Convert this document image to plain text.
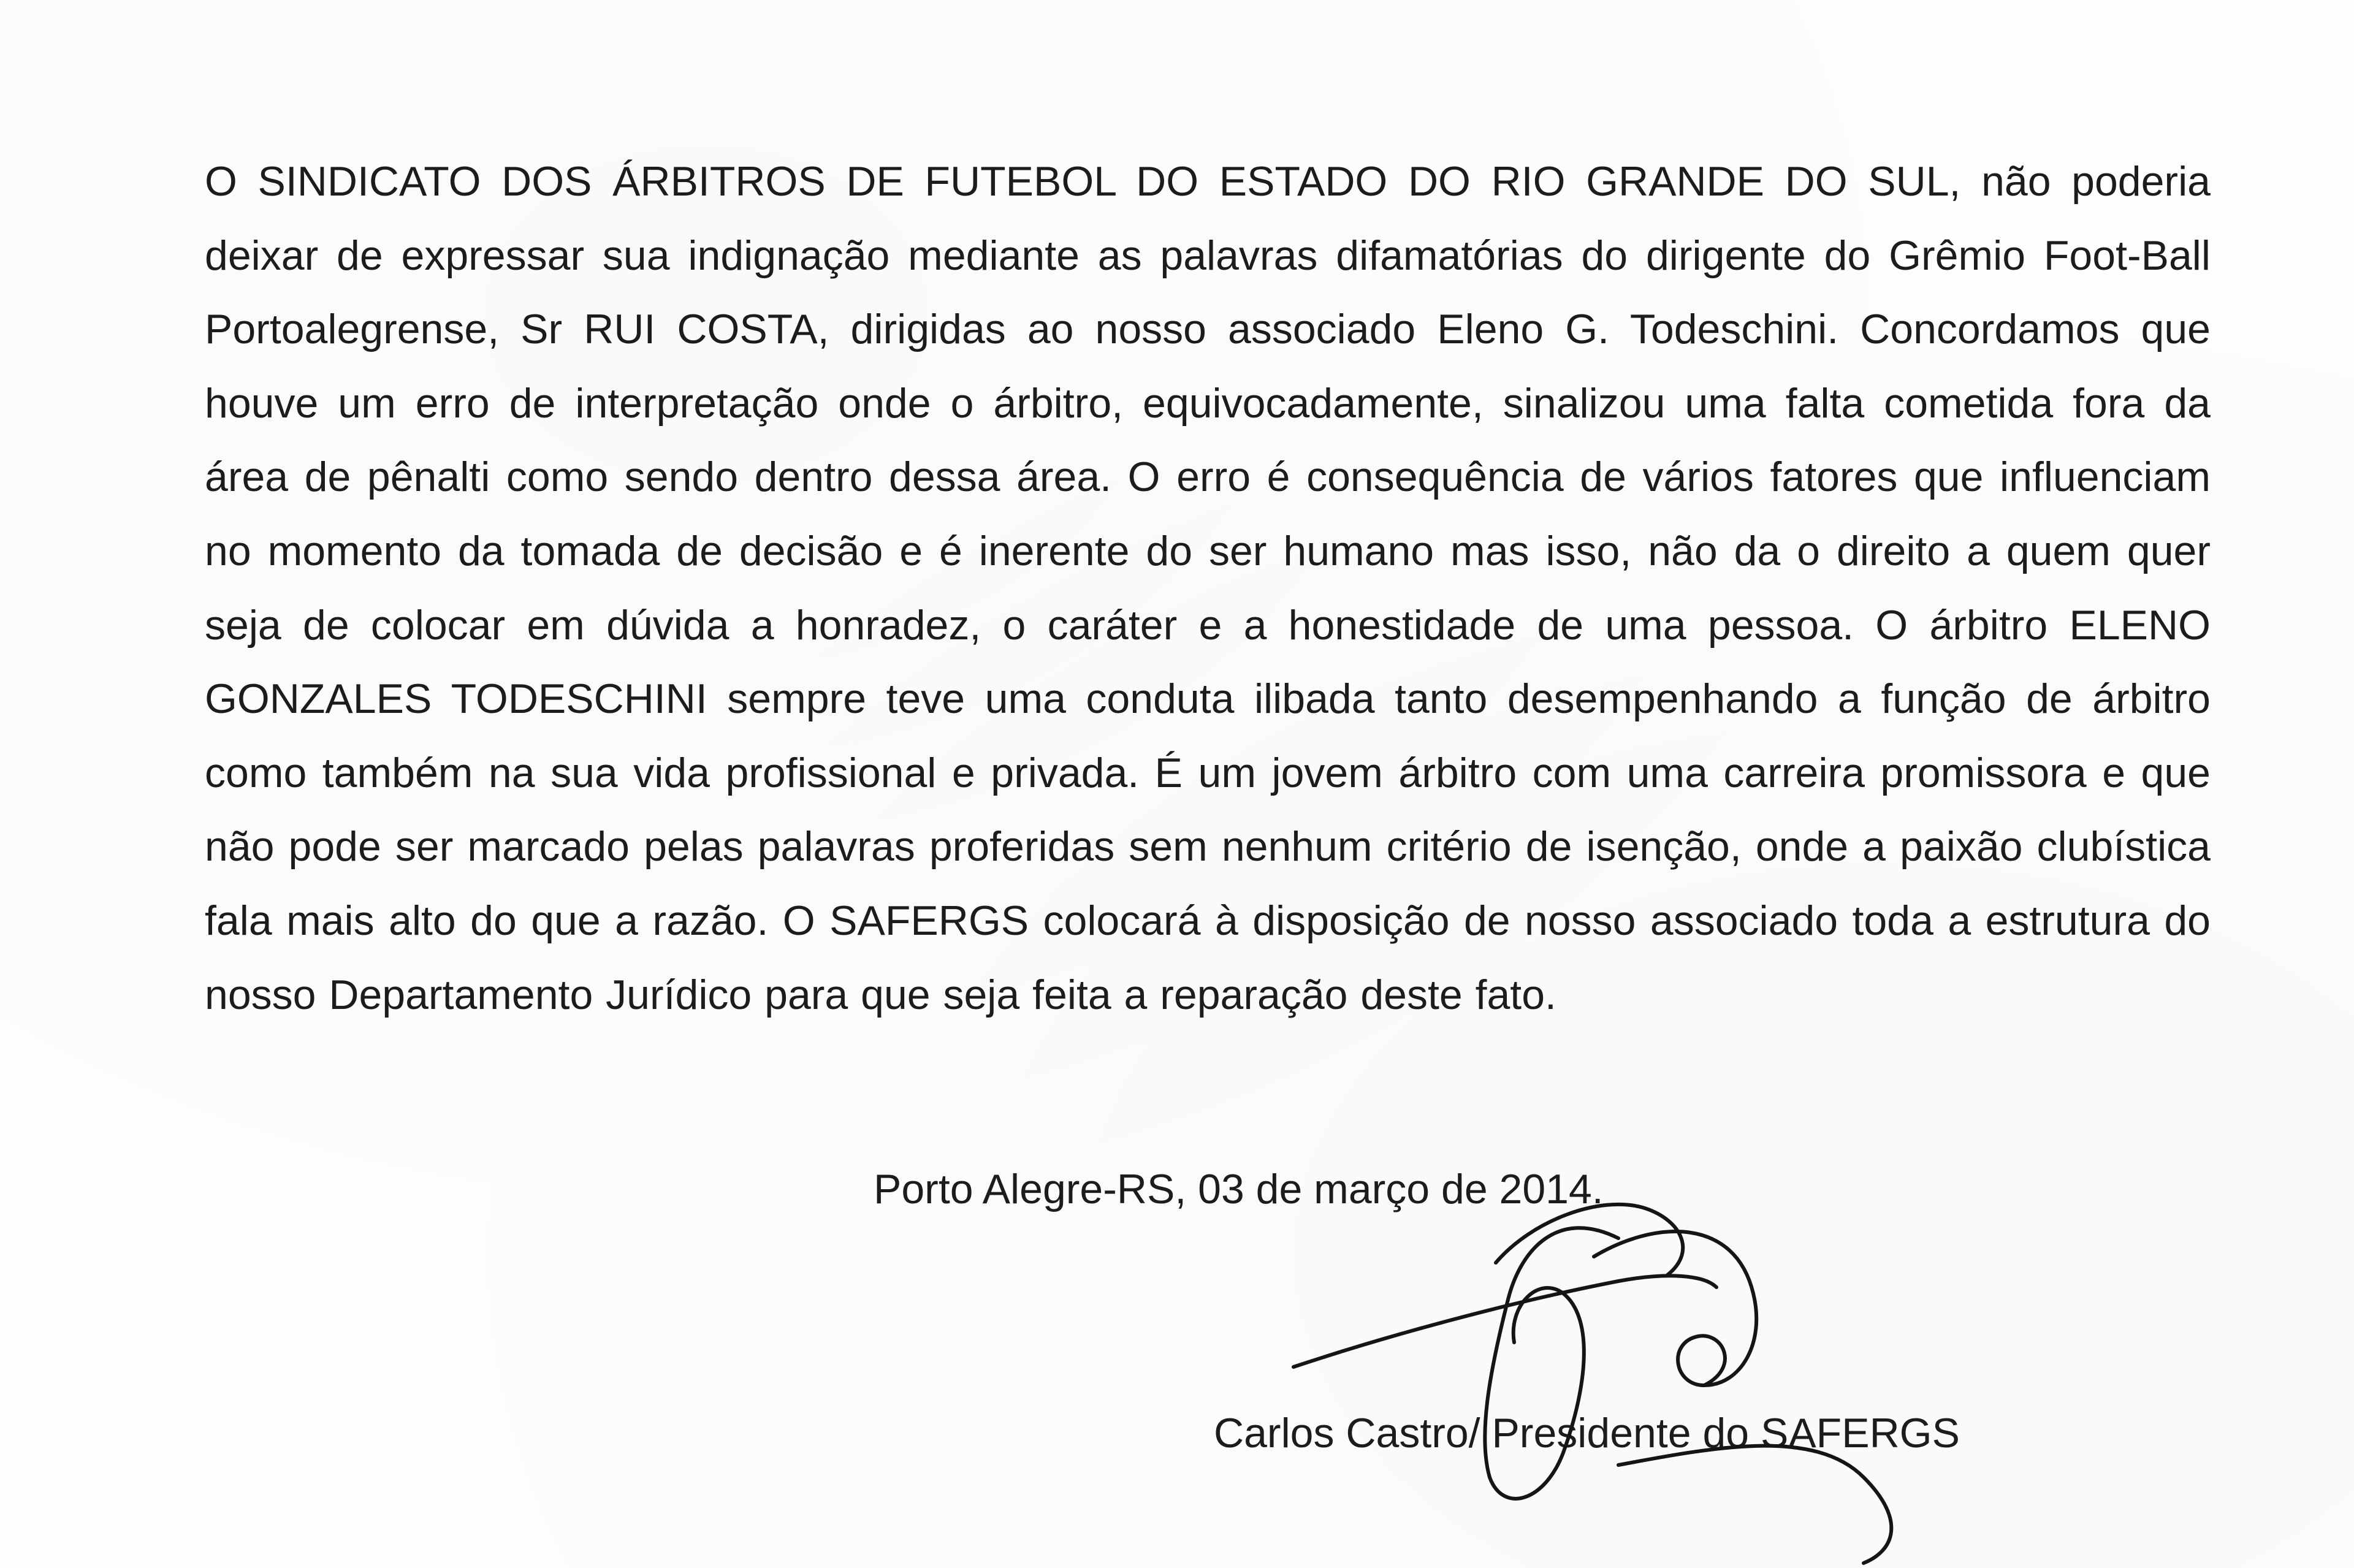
O SINDICATO DOS ÁRBITROS DE FUTEBOL DO ESTADO DO RIO GRANDE DO SUL, não poderia deixar de expressar sua indignação mediante as palavras difamatórias do dirigente do Grêmio Foot-Ball Portoalegrense, Sr RUI COSTA, dirigidas ao nosso associado Eleno G. Todeschini. Concordamos que houve um erro de interpretação onde o árbitro, equivocadamente, sinalizou uma falta cometida fora da área de pênalti como sendo dentro dessa área. O erro é consequência de vários fatores que influenciam no momento da tomada de decisão e é inerente do ser humano mas isso, não da o direito a quem quer seja de colocar em dúvida a honradez, o caráter e a honestidade de uma pessoa. O árbitro ELENO GONZALES TODESCHINI sempre teve uma conduta ilibada tanto desempenhando a função de árbitro como também na sua vida profissional e privada. É um jovem árbitro com uma carreira promissora e que não pode ser marcado pelas palavras proferidas sem nenhum critério de isenção, onde a paixão clubística fala mais alto do que a razão. O SAFERGS colocará à disposição de nosso associado toda a estrutura do nosso Departamento Jurídico para que seja feita a reparação deste fato.

Porto Alegre-RS, 03 de março de 2014.

Carlos Castro/ Presidente do SAFERGS
